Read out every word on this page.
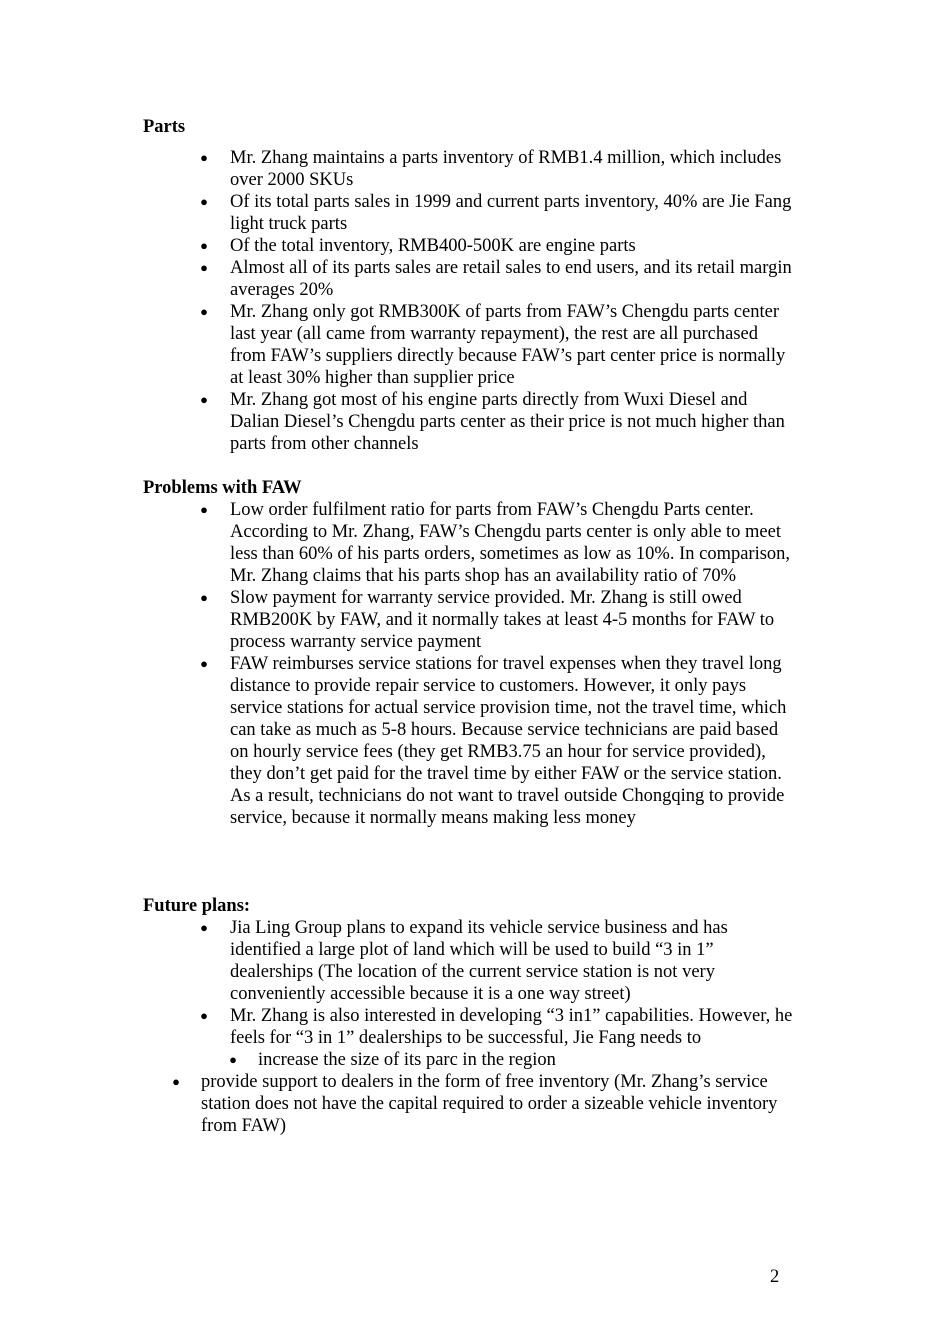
Parts

● Mr. Zhang maintains a parts inventory of RMB1.4 million, which includes over 2000 SKUs
● Of its total parts sales in 1999 and current parts inventory, 40% are Jie Fang light truck parts
● Of the total inventory, RMB400-500K are engine parts
● Almost all of its parts sales are retail sales to end users, and its retail margin averages 20%
● Mr. Zhang only got RMB300K of parts from FAW’s Chengdu parts center last year (all came from warranty repayment), the rest are all purchased from FAW’s suppliers directly because FAW’s part center price is normally at least 30% higher than supplier price
● Mr. Zhang got most of his engine parts directly from Wuxi Diesel and Dalian Diesel’s Chengdu parts center as their price is not much higher than parts from other channels

Problems with FAW

● Low order fulfilment ratio for parts from FAW’s Chengdu Parts center. According to Mr. Zhang, FAW’s Chengdu parts center is only able to meet less than 60% of his parts orders, sometimes as low as 10%. In comparison, Mr. Zhang claims that his parts shop has an availability ratio of 70%
● Slow payment for warranty service provided. Mr. Zhang is still owed RMB200K by FAW, and it normally takes at least 4-5 months for FAW to process warranty service payment
● FAW reimburses service stations for travel expenses when they travel long distance to provide repair service to customers. However, it only pays service stations for actual service provision time, not the travel time, which can take as much as 5-8 hours. Because service technicians are paid based on hourly service fees (they get RMB3.75 an hour for service provided), they don’t get paid for the travel time by either FAW or the service station. As a result, technicians do not want to travel outside Chongqing to provide service, because it normally means making less money

Future plans:

● Jia Ling Group plans to expand its vehicle service business and has identified a large plot of land which will be used to build “3 in 1” dealerships (The location of the current service station is not very conveniently accessible because it is a one way street)
● Mr. Zhang is also interested in developing “3 in1” capabilities. However, he feels for “3 in 1” dealerships to be successful, Jie Fang needs to
● increase the size of its parc in the region
● provide support to dealers in the form of free inventory (Mr. Zhang’s service station does not have the capital required to order a sizeable vehicle inventory from FAW)
2
